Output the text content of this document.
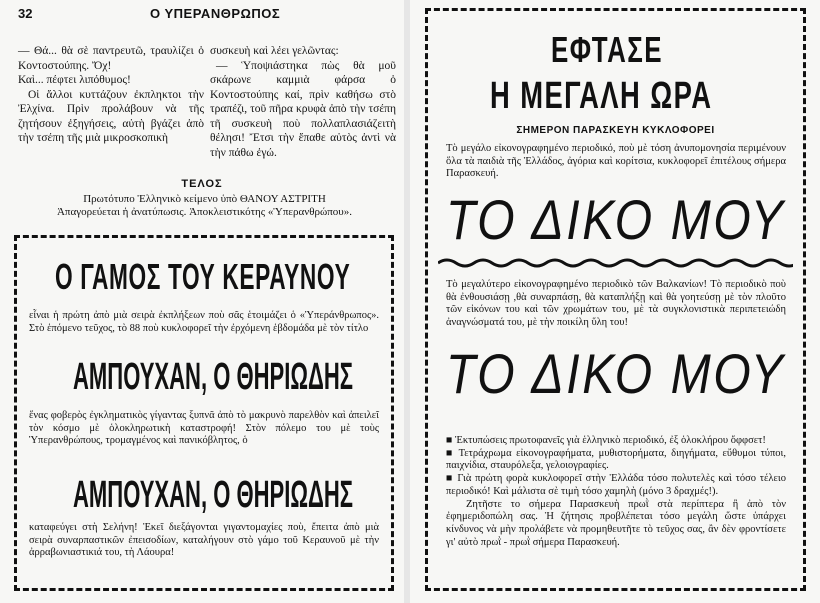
32	Ο ΥΠΕΡΑΝΘΡΩΠΟΣ

— Θά... θὰ σὲ παντρευτῶ, τραυλίζει ὁ Κοντοστούπης. Ὄχ!

Καὶ... πέφτει λιπόθυμος!

Οἱ ἄλλοι κυττάζουν ἐκπληκτοι τὴν Ἐλχίνα. Πρὶν προλάβουν νὰ τῆς ζητήσουν ἐξηγήσεις, αὐτὴ βγάζει ἀπὸ τὴν τσέπη τῆς μιὰ μικροσκοπικὴ

συσκευὴ καὶ λέει γελῶντας:

— Ὑποψιάστηκα πὼς θὰ μοῦ σκάρωνε καμμιὰ φάρσα ὁ Κοντοστούπης καί, πρὶν καθήσω στὸ τραπέζι, τοῦ πῆρα κρυφὰ ἀπὸ τὴν τσέπη τῆ συσκευὴ ποὺ πολλαπλασιάζειτὴ θέλησι! Ἔτσι τὴν ἔπαθε αὐτὸς ἀντὶ νὰ τὴν πάθω ἐγώ.

ΤΕΛΟΣ
Πρωτότυπο Ἑλληνικὸ κείμενο ὑπὸ ΘΑΝΟΥ ΑΣΤΡΙΤΗ
Ἀπαγορεύεται ἡ ἀνατύπωσις. Ἀποκλειστικότης «Ὑπερανθρώπου».
Ο ΓΑΜΟΣ ΤΟΥ ΚΕΡΑΥΝΟΥ
εἶναι ἡ πρώτη ἀπὸ μιὰ σειρὰ ἐκπλήξεων ποὺ σᾶς ἑτοιμάζει ὁ «Ὑπεράνθρωπος». Στὸ ἑπόμενο τεῦχος, τὸ 88 ποὺ κυκλοφορεῖ τὴν ἐρχόμενη ἑβδομάδα μὲ τὸν τίτλο
ΑΜΠΟΥΧΑΝ, Ο ΘΗΡΙΩΔΗΣ
ἕνας φοβερὸς ἐγκληματικὸς γίγαντας ξυπνᾶ ἀπὸ τὸ μακρυνὸ παρελθὸν καὶ ἀπειλεῖ τὸν κόσμο μὲ ὁλοκληρωτικὴ καταστροφή! Στὸν πόλεμο του μὲ τοὺς Ὑπερανθρώπους, τρομαγμένος καὶ πανικόβλητος, ὁ
ΑΜΠΟΥΧΑΝ, Ο ΘΗΡΙΩΔΗΣ
καταφεύγει στὴ Σελήνη! Ἐκεῖ διεξάγονται γιγαντομαχίες ποὺ, ἔπειτα ἀπὸ μιὰ σειρὰ συναρπαστικῶν ἐπεισοδίων, καταλήγουν στὸ γάμο τοῦ Κεραυνοῦ μὲ τὴν ἀρραβωνιαστικιά του, τὴ Λάουρα!
ΕΦΤΑΣΕ
Η ΜΕΓΑΛΗ ΩΡΑ
ΣΗΜΕΡΟΝ ΠΑΡΑΣΚΕΥΗ ΚΥΚΛΟΦΟΡΕΙ
Τὸ μεγάλο εἰκονογραφημένο περιοδικό, ποὺ μὲ τόση ἀνυπομονησία περιμένουν ὅλα τὰ παιδιὰ τῆς Ἑλλάδος, ἀγόρια καὶ κορίτσια, κυκλοφορεῖ ἐπιτέλους σήμερα Παρασκευή.
ΤΟ ΔΙΚΟ ΜΟΥ
Τὸ μεγαλύτερο εἰκονογραφημένο περιοδικὸ τῶν Βαλκανίων! Τὸ περιοδικὸ ποὺ θὰ ἐνθουσιάσῃ ,θὰ συναρπάσῃ, θὰ καταπλήξῃ καὶ θὰ γοητεύσῃ μὲ τὸν πλοῦτο τῶν εἰκόνων του καὶ τῶν χρωμάτων του, μὲ τὰ συγκλονιστικὰ περιπετειώδη ἀναγνώσματά του, μὲ τὴν ποικίλη ὕλη του!
ΤΟ ΔΙΚΟ ΜΟΥ

■ Ἐκτυπώσεις πρωτοφανεῖς γιὰ ἑλληνικὸ περιοδικό, ἐξ ὁλοκλήρου ὄφφσετ!

■ Τετράχρωμα εἰκονογραφήματα, μυθιστορήματα, διηγήματα, εὔθυμοι τύποι, παιχνίδια, σταυρόλεξα, γελοιογραφίες.

■ Γιὰ πρώτη φορὰ κυκλοφορεῖ στὴν Ἑλλάδα τόσο πολυτελὲς καὶ τόσο τέλειο περιοδικό! Καὶ μάλιστα σὲ τιμὴ τόσο χαμηλὴ (μόνο 3 δραχμές!).

Ζητῆστε το σήμερα Παρασκευὴ πρωῒ στὰ περίπτερα ἢ ἀπὸ τὸν ἐφημεριδοπώλη σας. Ἡ ζήτησις προβλέπεται τόσο μεγάλη ὥστε ὑπάρχει κίνδυνος νὰ μὴν προλάβετε νὰ προμηθευτῆτε τὸ τεῦχος σας, ἂν δὲν φροντίσετε γι' αὐτὸ πρωῒ - πρωῒ σήμερα Παρασκευή.
